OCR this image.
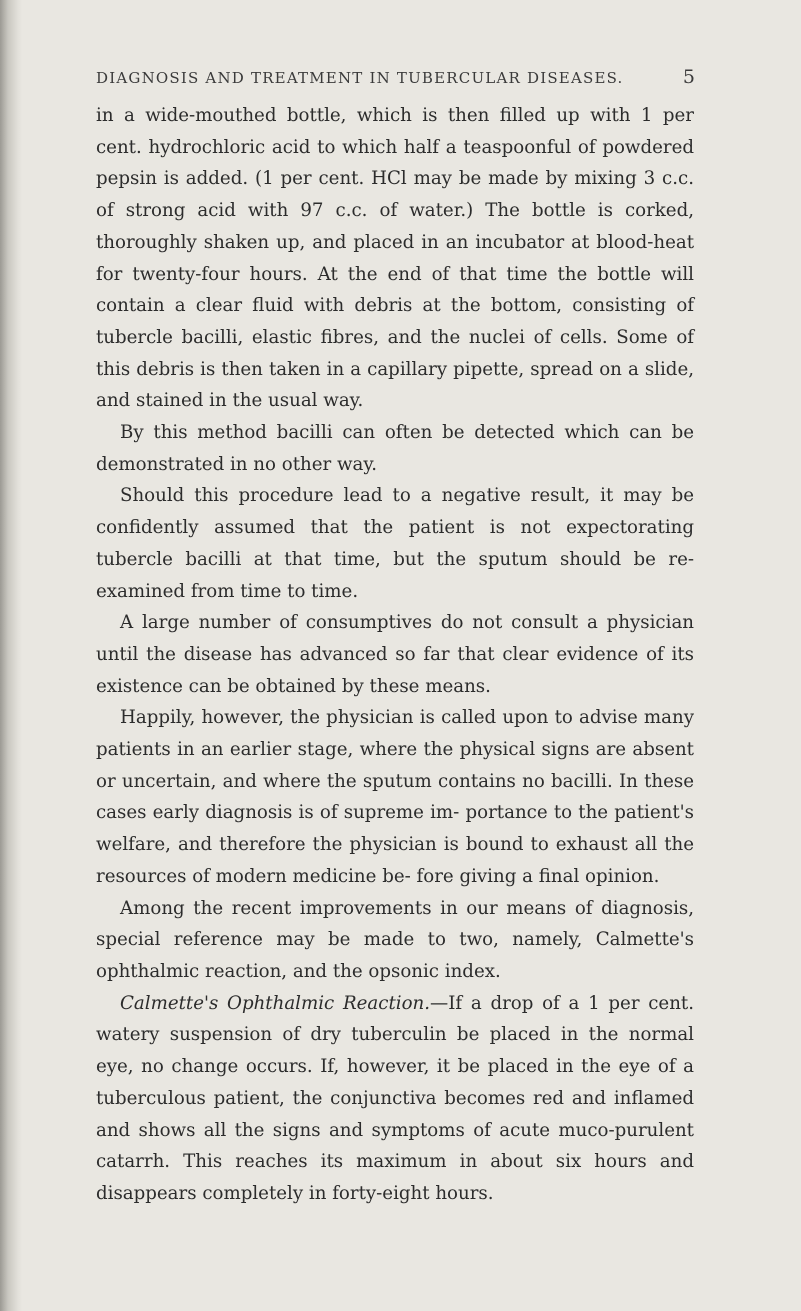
DIAGNOSIS AND TREATMENT IN TUBERCULAR DISEASES.	5

in a wide-mouthed bottle, which is then filled up with 1 per cent. hydrochloric acid to which half a teaspoonful of powdered pepsin is added. (1 per cent. HCl may be made by mixing 3 c.c. of strong acid with 97 c.c. of water.) The bottle is corked, thoroughly shaken up, and placed in an incubator at blood-heat for twenty-four hours. At the end of that time the bottle will contain a clear fluid with debris at the bottom, consisting of tubercle bacilli, elastic fibres, and the nuclei of cells. Some of this debris is then taken in a capillary pipette, spread on a slide, and stained in the usual way.

By this method bacilli can often be detected which can be demonstrated in no other way.

Should this procedure lead to a negative result, it may be confidently assumed that the patient is not expectorating tubercle bacilli at that time, but the sputum should be re-examined from time to time.

A large number of consumptives do not consult a physician until the disease has advanced so far that clear evidence of its existence can be obtained by these means.

Happily, however, the physician is called upon to advise many patients in an earlier stage, where the physical signs are absent or uncertain, and where the sputum contains no bacilli. In these cases early diagnosis is of supreme im- portance to the patient's welfare, and therefore the physician is bound to exhaust all the resources of modern medicine be- fore giving a final opinion.

Among the recent improvements in our means of diagnosis, special reference may be made to two, namely, Calmette's ophthalmic reaction, and the opsonic index.

Calmette's Ophthalmic Reaction.—If a drop of a 1 per cent. watery suspension of dry tuberculin be placed in the normal eye, no change occurs. If, however, it be placed in the eye of a tuberculous patient, the conjunctiva becomes red and inflamed and shows all the signs and symptoms of acute muco-purulent catarrh. This reaches its maximum in about six hours and disappears completely in forty-eight hours.
